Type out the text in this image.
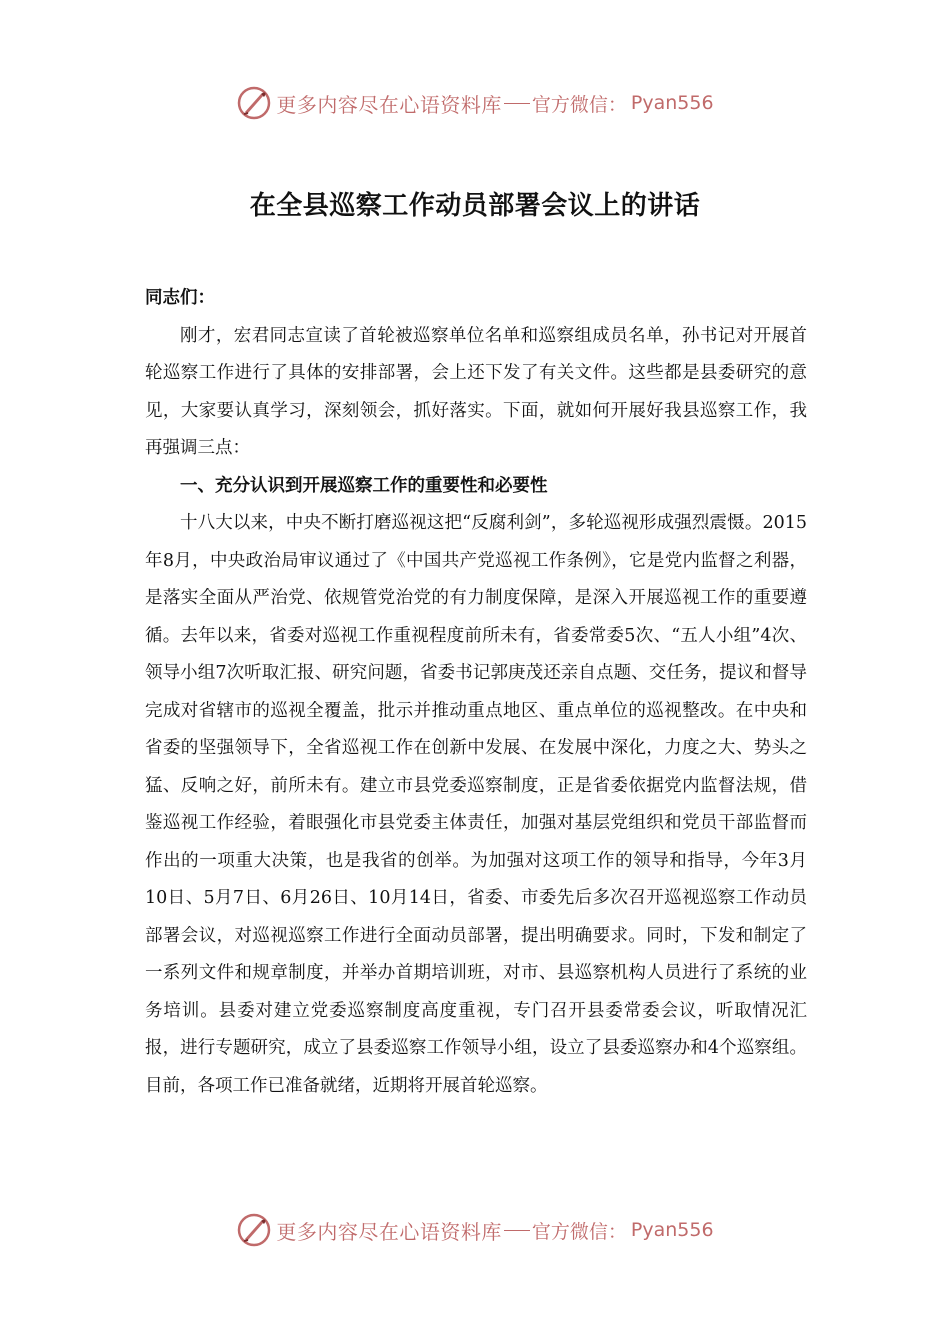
更多内容尽在心语资料库 官方微信： Pyan556
在全县巡察工作动员部署会议上的讲话

同志们：

刚才，宏君同志宣读了首轮被巡察单位名单和巡察组成员名单，孙书记对开展首轮巡察工作进行了具体的安排部署，会上还下发了有关文件。这些都是县委研究的意见，大家要认真学习，深刻领会，抓好落实。下面，就如何开展好我县巡察工作，我再强调三点：

一、充分认识到开展巡察工作的重要性和必要性

十八大以来，中央不断打磨巡视这把“反腐利剑”，多轮巡视形成强烈震慑。2015年8月，中央政治局审议通过了《中国共产党巡视工作条例》，它是党内监督之利器，是落实全面从严治党、依规管党治党的有力制度保障，是深入开展巡视工作的重要遵循。去年以来，省委对巡视工作重视程度前所未有，省委常委5次、“五人小组”4次、领导小组7次听取汇报、研究问题，省委书记郭庚茂还亲自点题、交任务，提议和督导完成对省辖市的巡视全覆盖，批示并推动重点地区、重点单位的巡视整改。在中央和省委的坚强领导下，全省巡视工作在创新中发展、在发展中深化，力度之大、势头之猛、反响之好，前所未有。建立市县党委巡察制度，正是省委依据党内监督法规，借鉴巡视工作经验，着眼强化市县党委主体责任，加强对基层党组织和党员干部监督而作出的一项重大决策，也是我省的创举。为加强对这项工作的领导和指导，今年3月10日、5月7日、6月26日、10月14日，省委、市委先后多次召开巡视巡察工作动员部署会议，对巡视巡察工作进行全面动员部署，提出明确要求。同时，下发和制定了一系列文件和规章制度，并举办首期培训班，对市、县巡察机构人员进行了系统的业务培训。县委对建立党委巡察制度高度重视，专门召开县委常委会议，听取情况汇报，进行专题研究，成立了县委巡察工作领导小组，设立了县委巡察办和4个巡察组。目前，各项工作已准备就绪，近期将开展首轮巡察。

更多内容尽在心语资料库 官方微信： Pyan556
